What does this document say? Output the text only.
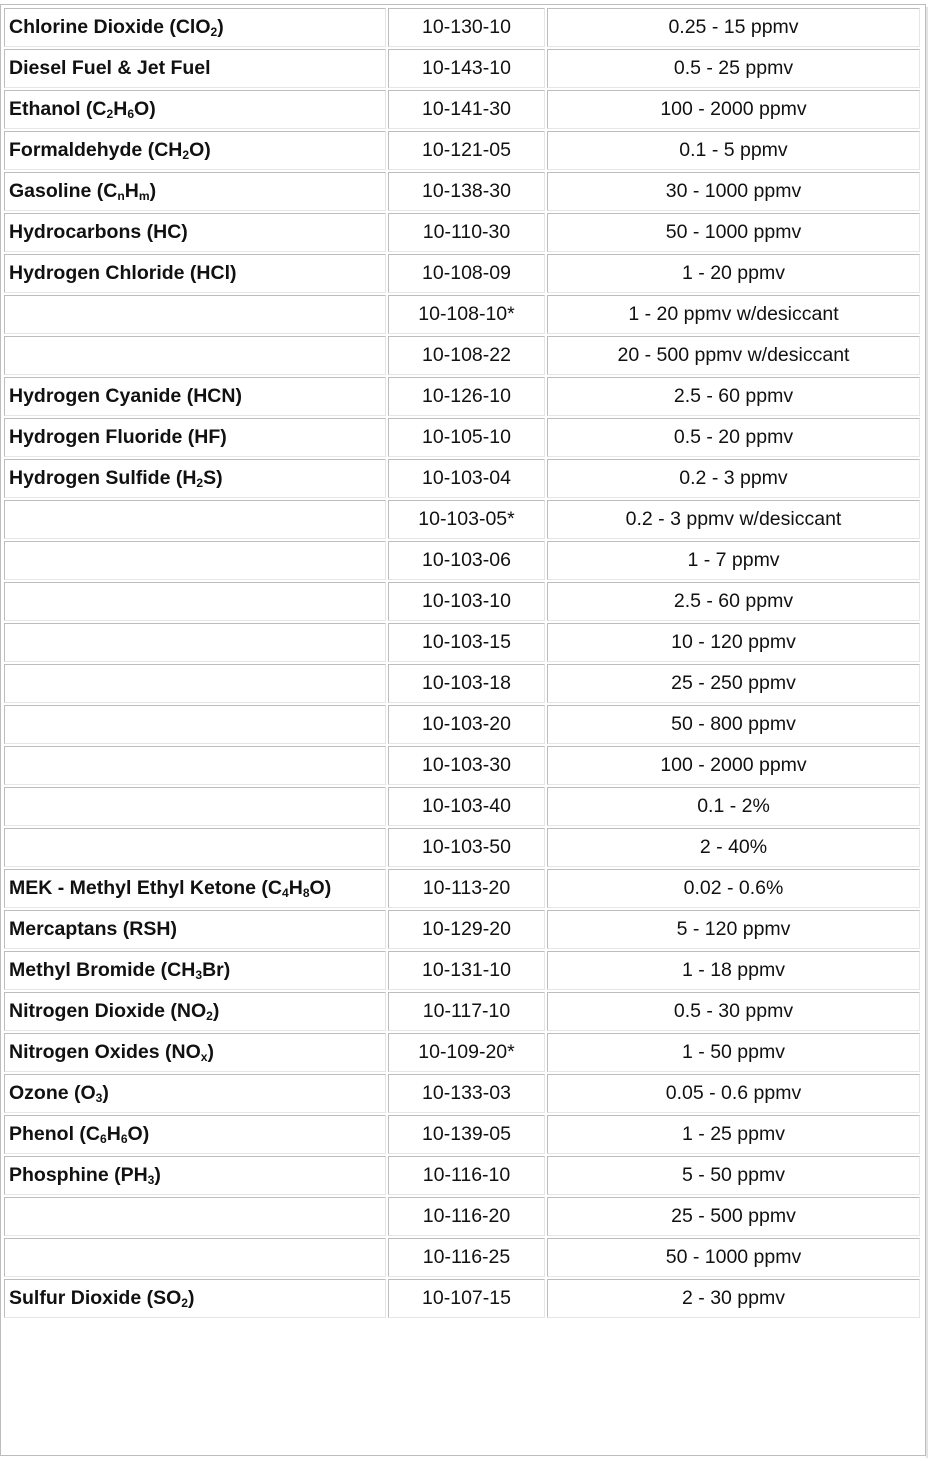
Chlorine Dioxide (ClO$_2$)	10-130-10	0.25 - 15 ppmv
Diesel Fuel & Jet Fuel	10-143-10	0.5 - 25 ppmv
Ethanol $(C_2H_6O)$	10-141-30	100 - 2000 ppmv
Formaldehyde $(CH_2O)$	10-121-05	0.1 - 5 ppmv
Gasoline $(C_nH_m)$	10-138-30	30 - 1000 ppmv
Hydrocarbons (HC)	10-110-30	50 - 1000 ppmv
Hydrogen Chloride (HCl)	10-108-09	1 - 20 ppmv
	10-108-10*	1 - 20 ppmv w/desiccant
	10-108-22	20 - 500 ppmv w/desiccant
Hydrogen Cyanide (HCN)	10-126-10	2.5 - 60 ppmv
Hydrogen Fluoride (HF)	10-105-10	0.5 - 20 ppmv
Hydrogen Sulfide $(H_2S)$	10-103-04	0.2 - 3 ppmv
	10-103-05*	0.2 - 3 ppmv w/desiccant
	10-103-06	1 - 7 ppmv
	10-103-10	2.5 - 60 ppmv
	10-103-15	10 - 120 ppmv
	10-103-18	25 - 250 ppmv
	10-103-20	50 - 800 ppmv
	10-103-30	100 - 2000 ppmv
	10-103-40	0.1 - 2%
	10-103-50	2 - 40%
MEK - Methyl Ethyl Ketone $(C_4H_8O)$	10-113-20	0.02 - 0.6%
Mercaptans (RSH)	10-129-20	5 - 120 ppmv
Methyl Bromide $(CH_3Br)$	10-131-10	1 - 18 ppmv
Nitrogen Dioxide $(NO_2)$	10-117-10	0.5 - 30 ppmv
Nitrogen Oxides $(NO_x)$	10-109-20*	1 - 50 ppmv
Ozone $(O_3)$	10-133-03	0.05 - 0.6 ppmv
Phenol $(C_6H_6O)$	10-139-05	1 - 25 ppmv
Phosphine $(PH_3)$	10-116-10	5 - 50 ppmv
	10-116-20	25 - 500 ppmv
	10-116-25	50 - 1000 ppmv
Sulfur Dioxide $(SO_2)$	10-107-15	2 - 30 ppmv
